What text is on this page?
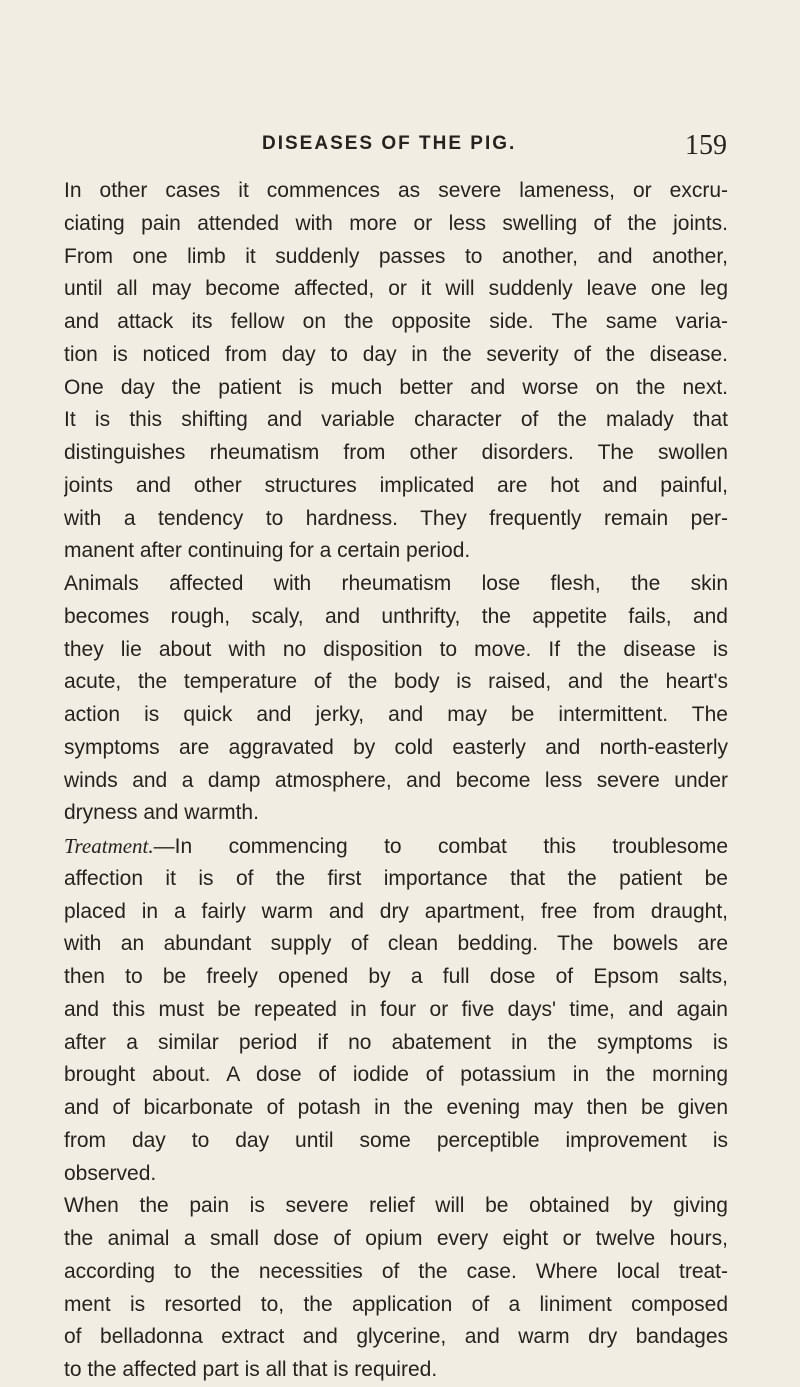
DISEASES OF THE PIG.	159
In other cases it commences as severe lameness, or excru-
ciating pain attended with more or less swelling of the joints.
From one limb it suddenly passes to another, and another,
until all may become affected, or it will suddenly leave one leg
and attack its fellow on the opposite side. The same varia-
tion is noticed from day to day in the severity of the disease.
One day the patient is much better and worse on the next.
It is this shifting and variable character of the malady that
distinguishes rheumatism from other disorders. The swollen
joints and other structures implicated are hot and painful,
with a tendency to hardness. They frequently remain per-
manent after continuing for a certain period.
Animals affected with rheumatism lose flesh, the skin
becomes rough, scaly, and unthrifty, the appetite fails, and
they lie about with no disposition to move. If the disease is
acute, the temperature of the body is raised, and the heart's
action is quick and jerky, and may be intermittent. The
symptoms are aggravated by cold easterly and north-easterly
winds and a damp atmosphere, and become less severe under
dryness and warmth.
Treatment.—In commencing to combat this troublesome
affection it is of the first importance that the patient be
placed in a fairly warm and dry apartment, free from draught,
with an abundant supply of clean bedding. The bowels are
then to be freely opened by a full dose of Epsom salts,
and this must be repeated in four or five days' time, and again
after a similar period if no abatement in the symptoms is
brought about. A dose of iodide of potassium in the morning
and of bicarbonate of potash in the evening may then be given
from day to day until some perceptible improvement is
observed.
When the pain is severe relief will be obtained by giving
the animal a small dose of opium every eight or twelve hours,
according to the necessities of the case. Where local treat-
ment is resorted to, the application of a liniment composed
of belladonna extract and glycerine, and warm dry bandages
to the affected part is all that is required.
